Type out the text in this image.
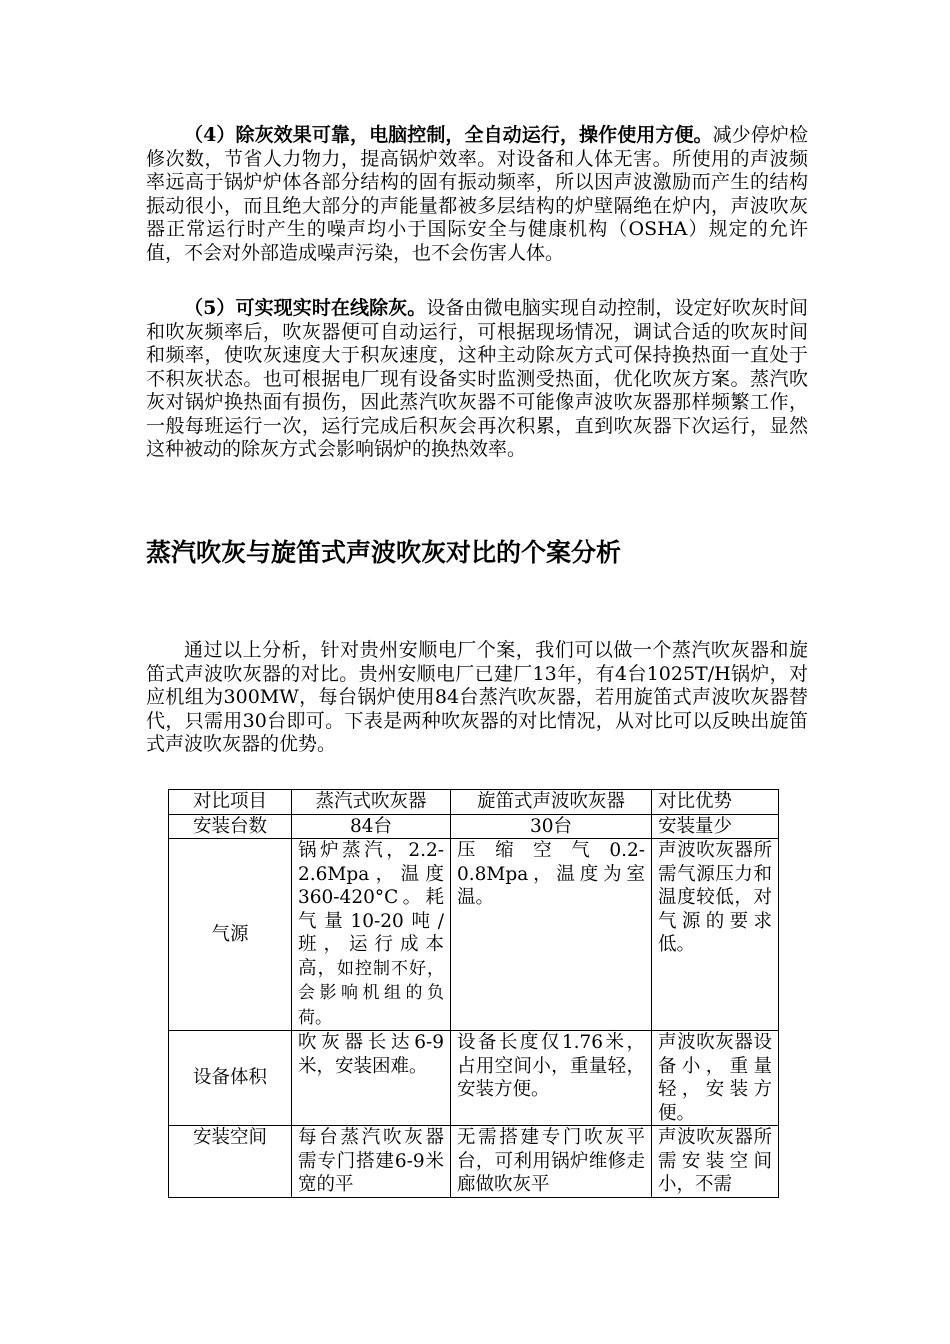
（4）除灰效果可靠，电脑控制，全自动运行，操作使用方便。减少停炉检修次数，节省人力物力，提高锅炉效率。对设备和人体无害。所使用的声波频率远高于锅炉炉体各部分结构的固有振动频率，所以因声波激励而产生的结构振动很小，而且绝大部分的声能量都被多层结构的炉壁隔绝在炉内，声波吹灰器正常运行时产生的噪声均小于国际安全与健康机构（OSHA）规定的允许值，不会对外部造成噪声污染，也不会伤害人体。

（5）可实现实时在线除灰。设备由微电脑实现自动控制，设定好吹灰时间和吹灰频率后，吹灰器便可自动运行，可根据现场情况，调试合适的吹灰时间和频率，使吹灰速度大于积灰速度，这种主动除灰方式可保持换热面一直处于不积灰状态。也可根据电厂现有设备实时监测受热面，优化吹灰方案。蒸汽吹灰对锅炉换热面有损伤，因此蒸汽吹灰器不可能像声波吹灰器那样频繁工作，一般每班运行一次，运行完成后积灰会再次积累，直到吹灰器下次运行，显然这种被动的除灰方式会影响锅炉的换热效率。

蒸汽吹灰与旋笛式声波吹灰对比的个案分析

通过以上分析，针对贵州安顺电厂个案，我们可以做一个蒸汽吹灰器和旋笛式声波吹灰器的对比。贵州安顺电厂已建厂13年，有4台1025T/H锅炉，对应机组为300MW，每台锅炉使用84台蒸汽吹灰器，若用旋笛式声波吹灰器替代，只需用30台即可。下表是两种吹灰器的对比情况，从对比可以反映出旋笛式声波吹灰器的优势。

对比项目	蒸汽式吹灰器	旋笛式声波吹灰器	对比优势
安装台数	84台	30台	安装量少
气源	锅炉蒸汽，2.2-2.6Mpa，温度360-420°C。耗气量10-20吨/班，运行成本高，如控制不好，会影响机组的负荷。	压缩空气0.2-0.8Mpa，温度为室温。	声波吹灰器所需气源压力和温度较低，对气源的要求低。
设备体积	吹灰器长达6-9米，安装困难。	设备长度仅1.76米，占用空间小，重量轻，安装方便。	声波吹灰器设备小，重量轻，安装方便。
安装空间	每台蒸汽吹灰器需专门搭建6-9米宽的平	无需搭建专门吹灰平台，可利用锅炉维修走廊做吹灰平	声波吹灰器所需安装空间小，不需
